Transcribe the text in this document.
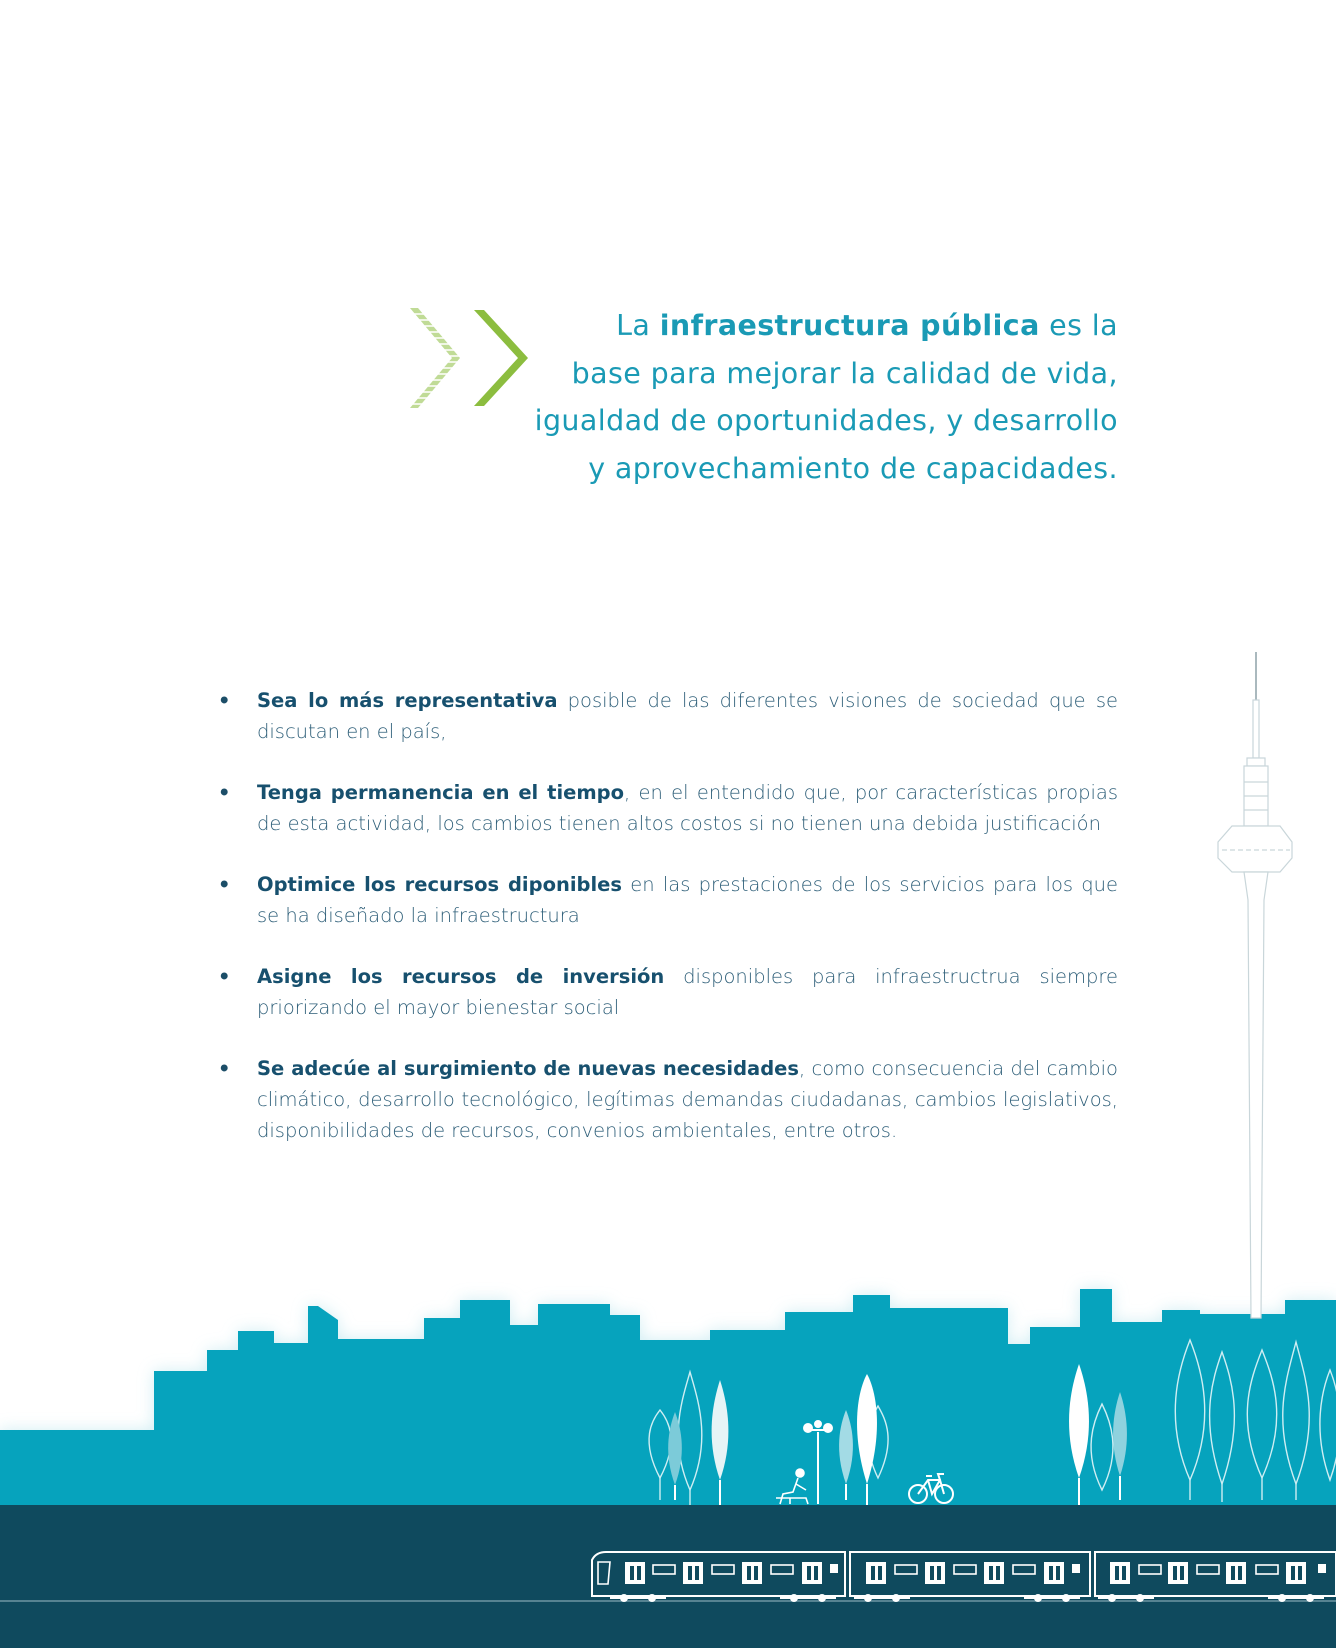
La infraestructura pública es la

base para mejorar la calidad de vida,

igualdad de oportunidades, y desarrollo

y aprovechamiento de capacidades.

• Sea lo más representativa posible de las diferentes visiones de sociedad que se discutan en el país,
• Tenga permanencia en el tiempo, en el entendido que, por características propias de esta actividad, los cambios tienen altos costos si no tienen una debida justificación
• Optimice los recursos diponibles en las prestaciones de los servicios para los que se ha diseñado la infraestructura
• Asigne los recursos de inversión disponibles para infraestructrua siempre priorizando el mayor bienestar social
• Se adecúe al surgimiento de nuevas necesidades, como consecuencia del cambio climático, desarrollo tecnológico, legítimas demandas ciudadanas, cambios legislativos, disponibilidades de recursos, convenios ambientales, entre otros.
